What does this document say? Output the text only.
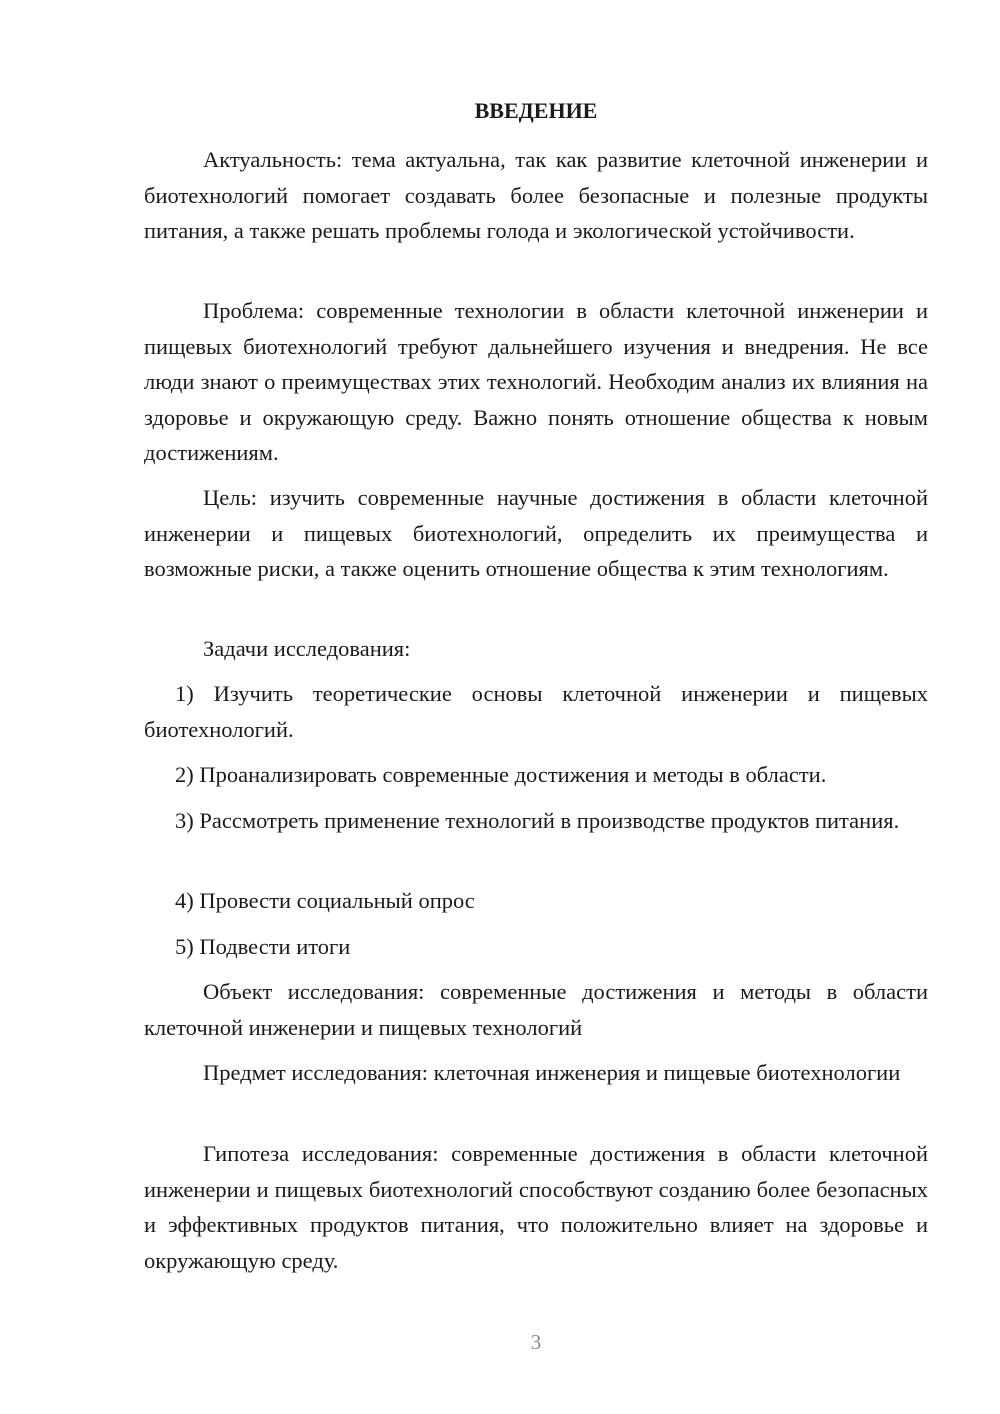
ВВЕДЕНИЕ

Актуальность: тема актуальна, так как развитие клеточной инженерии и биотехнологий помогает создавать более безопасные и полезные продукты питания, а также решать проблемы голода и экологической устойчивости.

Проблема: современные технологии в области клеточной инженерии и пищевых биотехнологий требуют дальнейшего изучения и внедрения. Не все люди знают о преимуществах этих технологий. Необходим анализ их влияния на здоровье и окружающую среду. Важно понять отношение общества к новым достижениям.

Цель: изучить современные научные достижения в области клеточной инженерии и пищевых биотехнологий, определить их преимущества и возможные риски, а также оценить отношение общества к этим технологиям.

Задачи исследования:

1) Изучить теоретические основы клеточной инженерии и пищевых биотехнологий.

2) Проанализировать современные достижения и методы в области.

3) Рассмотреть применение технологий в производстве продуктов питания.

4) Провести социальный опрос

5) Подвести итоги

Объект исследования: современные достижения и методы в области клеточной инженерии и пищевых технологий

Предмет исследования: клеточная инженерия и пищевые биотехнологии

Гипотеза исследования: современные достижения в области клеточной инженерии и пищевых биотехнологий способствуют созданию более безопасных и эффективных продуктов питания, что положительно влияет на здоровье и окружающую среду.

3
